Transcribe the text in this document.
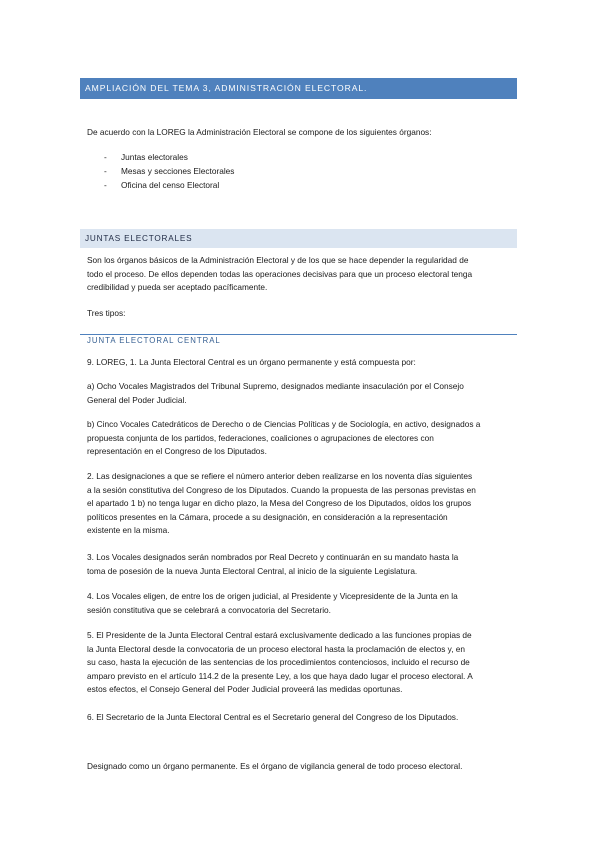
AMPLIACIÓN DEL TEMA 3, ADMINISTRACIÓN ELECTORAL.

De acuerdo con la LOREG la Administración Electoral se compone de los siguientes órganos:

- Juntas electorales
- Mesas y secciones Electorales
- Oficina del censo Electoral
JUNTAS ELECTORALES
Son los órganos básicos de la Administración Electoral y de los que se hace depender la regularidad de
todo el proceso. De ellos dependen todas las operaciones decisivas para que un proceso electoral tenga
credibilidad y pueda ser aceptado pacíficamente.

Tres tipos:

JUNTA ELECTORAL CENTRAL

9. LOREG, 1. La Junta Electoral Central es un órgano permanente y está compuesta por:

a) Ocho Vocales Magistrados del Tribunal Supremo, designados mediante insaculación por el Consejo
General del Poder Judicial.
b) Cinco Vocales Catedráticos de Derecho o de Ciencias Políticas y de Sociología, en activo, designados a
propuesta conjunta de los partidos, federaciones, coaliciones o agrupaciones de electores con
representación en el Congreso de los Diputados.
2. Las designaciones a que se refiere el número anterior deben realizarse en los noventa días siguientes
a la sesión constitutiva del Congreso de los Diputados. Cuando la propuesta de las personas previstas en
el apartado 1 b) no tenga lugar en dicho plazo, la Mesa del Congreso de los Diputados, oídos los grupos
políticos presentes en la Cámara, procede a su designación, en consideración a la representación
existente en la misma.
3. Los Vocales designados serán nombrados por Real Decreto y continuarán en su mandato hasta la
toma de posesión de la nueva Junta Electoral Central, al inicio de la siguiente Legislatura.
4. Los Vocales eligen, de entre los de origen judicial, al Presidente y Vicepresidente de la Junta en la
sesión constitutiva que se celebrará a convocatoria del Secretario.
5. El Presidente de la Junta Electoral Central estará exclusivamente dedicado a las funciones propias de
la Junta Electoral desde la convocatoria de un proceso electoral hasta la proclamación de electos y, en
su caso, hasta la ejecución de las sentencias de los procedimientos contenciosos, incluido el recurso de
amparo previsto en el artículo 114.2 de la presente Ley, a los que haya dado lugar el proceso electoral. A
estos efectos, el Consejo General del Poder Judicial proveerá las medidas oportunas.

6. El Secretario de la Junta Electoral Central es el Secretario general del Congreso de los Diputados.

Designado como un órgano permanente. Es el órgano de vigilancia general de todo proceso electoral.
